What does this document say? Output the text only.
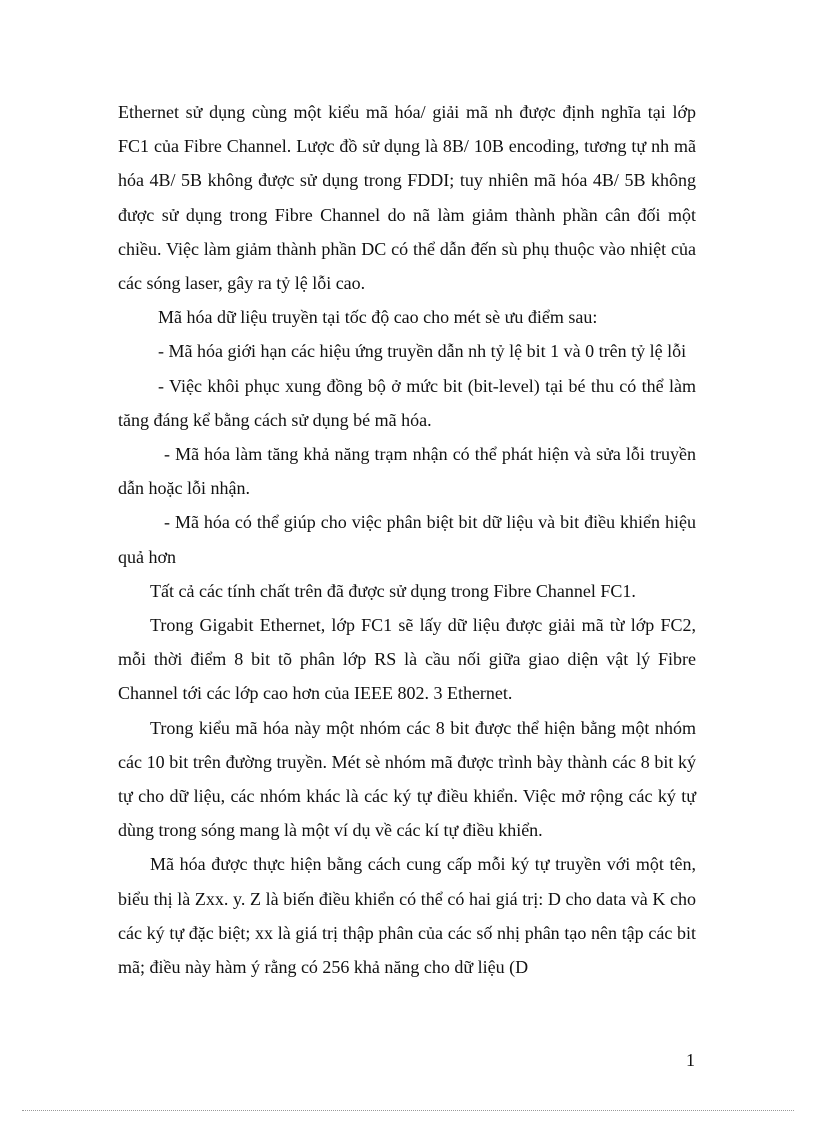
Ethernet sử dụng cùng một kiểu mã hóa/ giải mã nh được định nghĩa tại lớp FC1 của Fibre Channel. Lược đồ sử dụng là 8B/ 10B encoding, tương tự nh mã hóa 4B/ 5B không được sử dụng trong FDDI; tuy nhiên mã hóa 4B/ 5B không được sử dụng trong Fibre Channel do nã làm giảm thành phần cân đối một chiều. Việc làm giảm thành phần DC có thể dẫn đến sù phụ thuộc vào nhiệt của các sóng laser, gây ra tỷ lệ lỗi cao.

Mã hóa dữ liệu truyền tại tốc độ cao cho mét sè ưu điểm sau:

- Mã hóa giới hạn các hiệu ứng truyền dẫn nh tỷ lệ bit 1 và 0 trên tỷ lệ lỗi

- Việc khôi phục xung đồng bộ ở mức bit (bit-level) tại bé thu có thể làm tăng đáng kể bằng cách sử dụng bé mã hóa.

- Mã hóa làm tăng khả năng trạm nhận có thể phát hiện và sửa lỗi truyền dẫn hoặc lỗi nhận.

- Mã hóa có thể giúp cho việc phân biệt bit dữ liệu và bit điều khiển hiệu quả hơn

Tất cả các tính chất trên đã được sử dụng trong Fibre Channel FC1.

Trong Gigabit Ethernet, lớp FC1 sẽ lấy dữ liệu được giải mã từ lớp FC2, mỗi thời điểm 8 bit tõ phân lớp RS là cầu nối giữa giao diện vật lý Fibre Channel tới các lớp cao hơn của IEEE 802. 3 Ethernet.

Trong kiểu mã hóa này một nhóm các 8 bit được thể hiện bằng một nhóm các 10 bit trên đường truyền. Mét sè nhóm mã được trình bày thành các 8 bit ký tự cho dữ liệu, các nhóm khác là các ký tự điều khiển. Việc mở rộng các ký tự dùng trong sóng mang là một ví dụ về các kí tự điều khiển.

Mã hóa được thực hiện bằng cách cung cấp mỗi ký tự truyền với một tên, biểu thị là Zxx. y. Z là biến điều khiển có thể có hai giá trị: D cho data và K cho các ký tự đặc biệt; xx là giá trị thập phân của các số nhị phân tạo nên tập các bit mã; điều này hàm ý rằng có 256 khả năng cho dữ liệu (D

1
